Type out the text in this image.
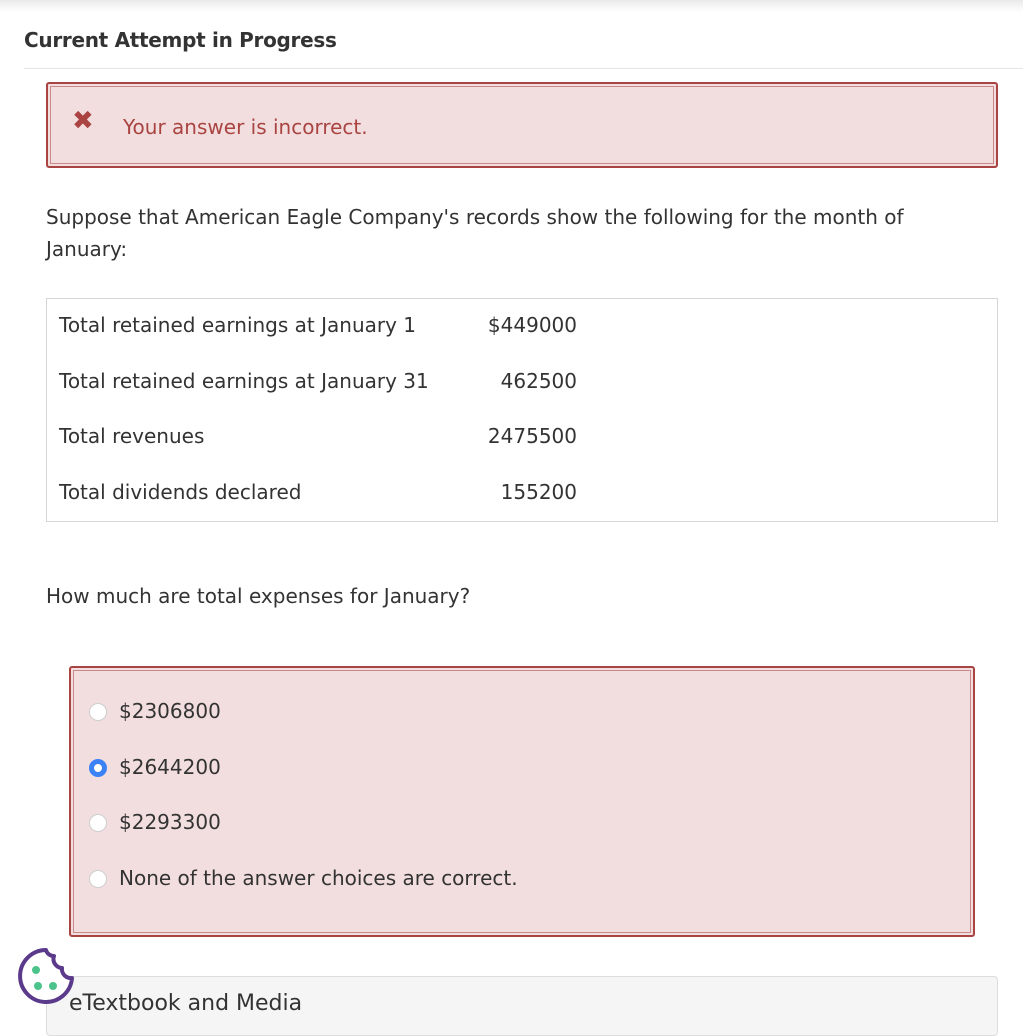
Current Attempt in Progress
✖ Your answer is incorrect.
Suppose that American Eagle Company's records show the following for the month of January:
Total retained earnings at January 1	$449000
Total retained earnings at January 31	462500
Total revenues	2475500
Total dividends declared	155200
How much are total expenses for January?
$2306800
$2644200
$2293300
None of the answer choices are correct.
eTextbook and Media
